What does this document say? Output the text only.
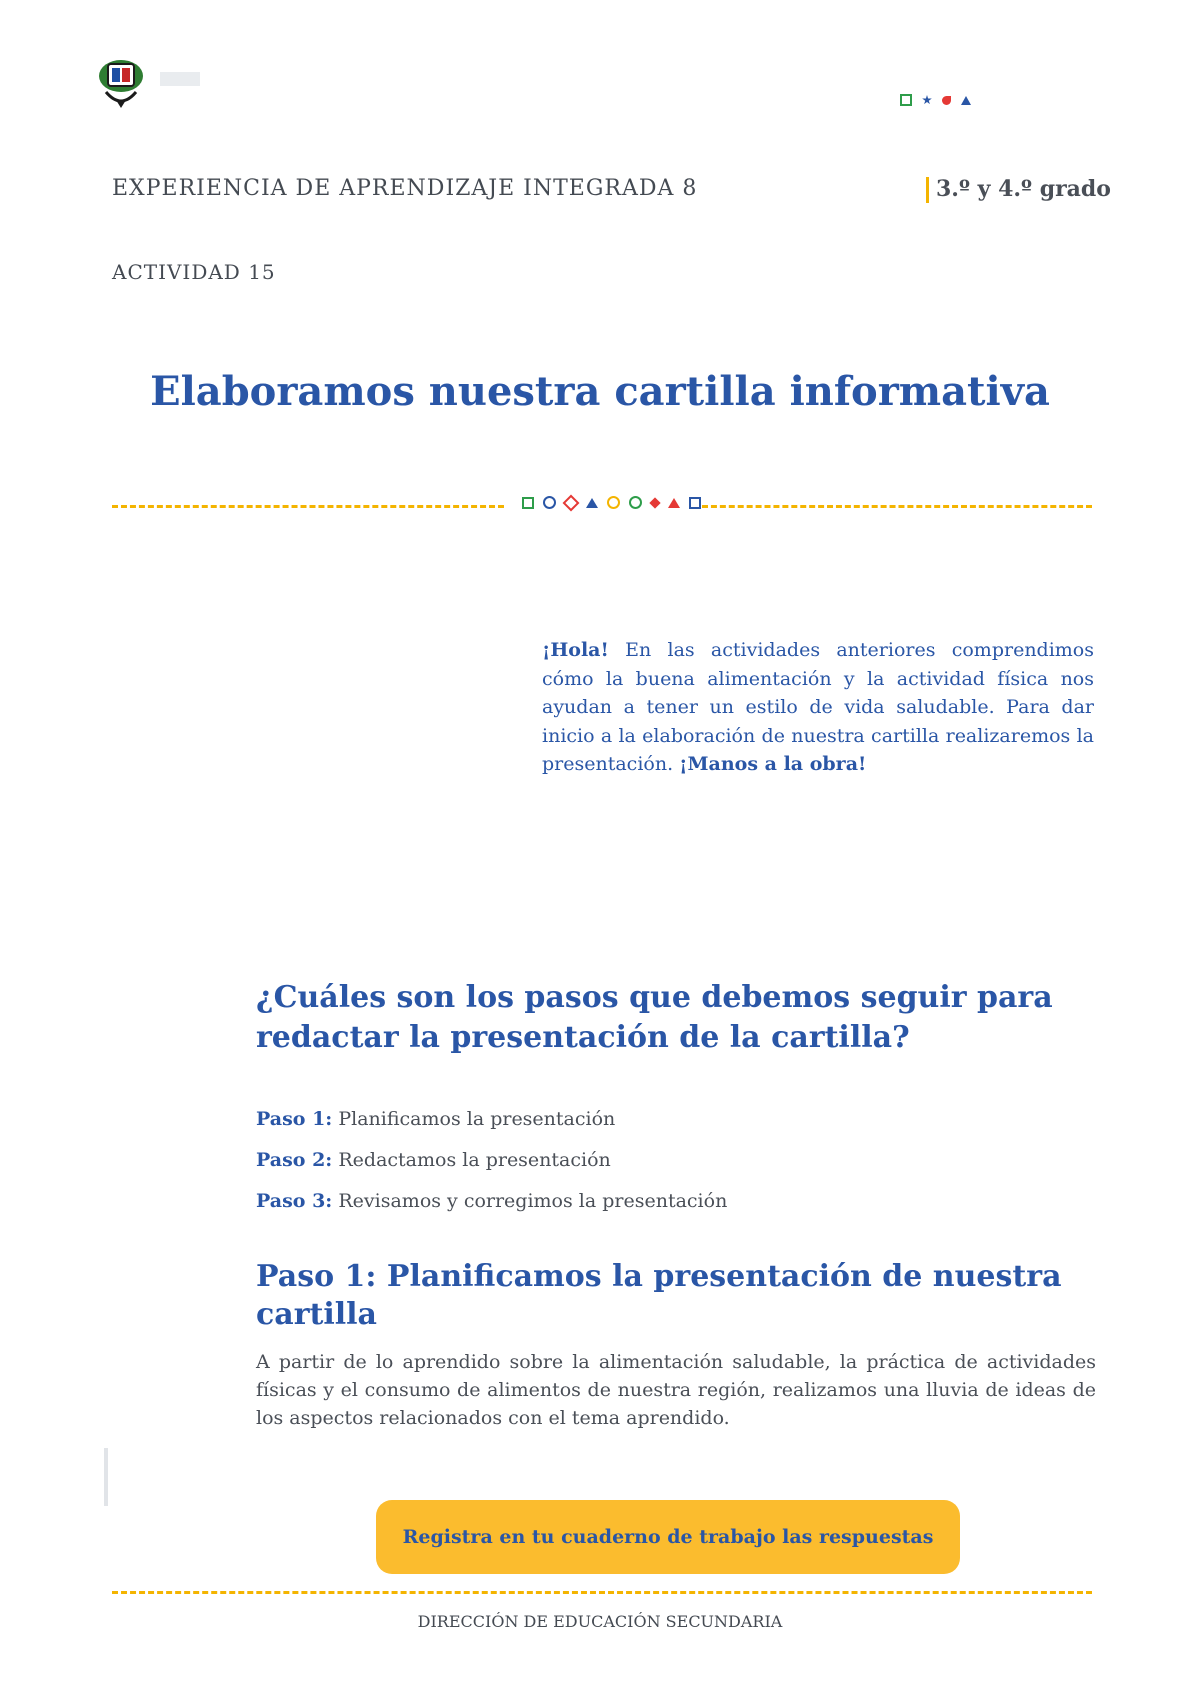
EXPERIENCIA DE APRENDIZAJE INTEGRADA 8	3.º y 4.º grado
ACTIVIDAD 15
Elaboramos nuestra cartilla informativa
¡Hola! En las actividades anteriores comprendimos cómo la buena alimentación y la actividad física nos ayudan a tener un estilo de vida saludable. Para dar inicio a la elaboración de nuestra cartilla realizaremos la presentación. ¡Manos a la obra!
¿Cuáles son los pasos que debemos seguir para redactar la presentación de la cartilla?
Paso 1: Planificamos la presentación
Paso 2: Redactamos la presentación
Paso 3: Revisamos y corregimos la presentación
Paso 1: Planificamos la presentación de nuestra cartilla
A partir de lo aprendido sobre la alimentación saludable, la práctica de actividades físicas y el consumo de alimentos de nuestra región, realizamos una lluvia de ideas de los aspectos relacionados con el tema aprendido.
Registra en tu cuaderno de trabajo las respuestas
DIRECCIÓN DE EDUCACIÓN SECUNDARIA
